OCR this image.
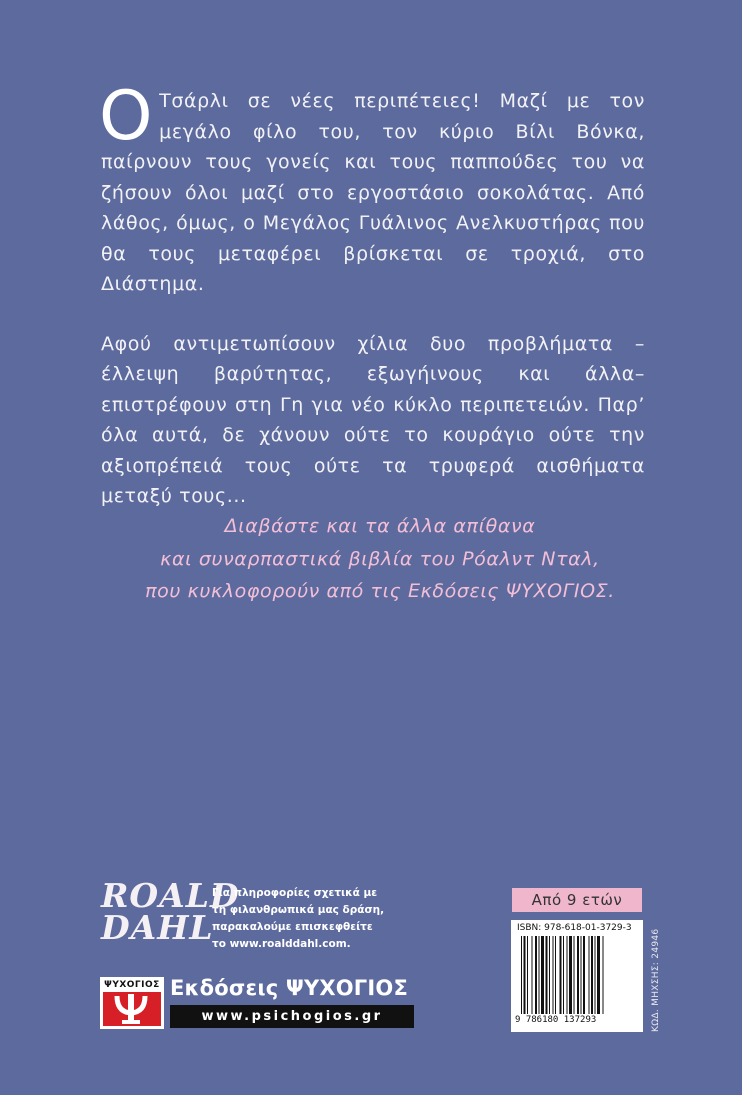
O Τσάρλι σε νέες περιπέτειες! Μαζί με τον μεγάλο φίλο του, τον κύριο Βίλι Βόνκα, παίρνουν τους γονείς και τους παππούδες του να ζήσουν όλοι μαζί στο εργοστάσιο σοκολάτας. Από λάθος, όμως, ο Μεγάλος Γυάλινος Ανελκυστήρας που θα τους μεταφέρει βρίσκεται σε τροχιά, στο Διάστημα.

Αφού αντιμετωπίσουν χίλια δυο προβλήματα –έλλειψη βαρύτητας, εξωγήινους και άλλα– επιστρέφουν στη Γη για νέο κύκλο περιπετειών. Παρ’ όλα αυτά, δε χάνουν ούτε το κουράγιο ούτε την αξιοπρέπειά τους ούτε τα τρυφερά αισθήματα μεταξύ τους...

Διαβάστε και τα άλλα απίθανα
και συναρπαστικά βιβλία του Ρόαλντ Νταλ,
που κυκλοφορούν από τις Εκδόσεις ΨΥΧΟΓΙΟΣ.
ROALD
DAHL
Για πληροφορίες σχετικά με
τη φιλανθρωπικά μας δράση,
παρακαλούμε επισκεφθείτε
το www.roalddahl.com.
ΨΥΧΟΓΙΟΣ Εκδόσεις ΨΥΧΟΓΙΟΣ
www.psichogios.gr
Από 9 ετών
ISBN: 978-618-01-3729-3
9 786180 137293	ΚΩΔ. ΜΗΧΣΗΣ: 24946
